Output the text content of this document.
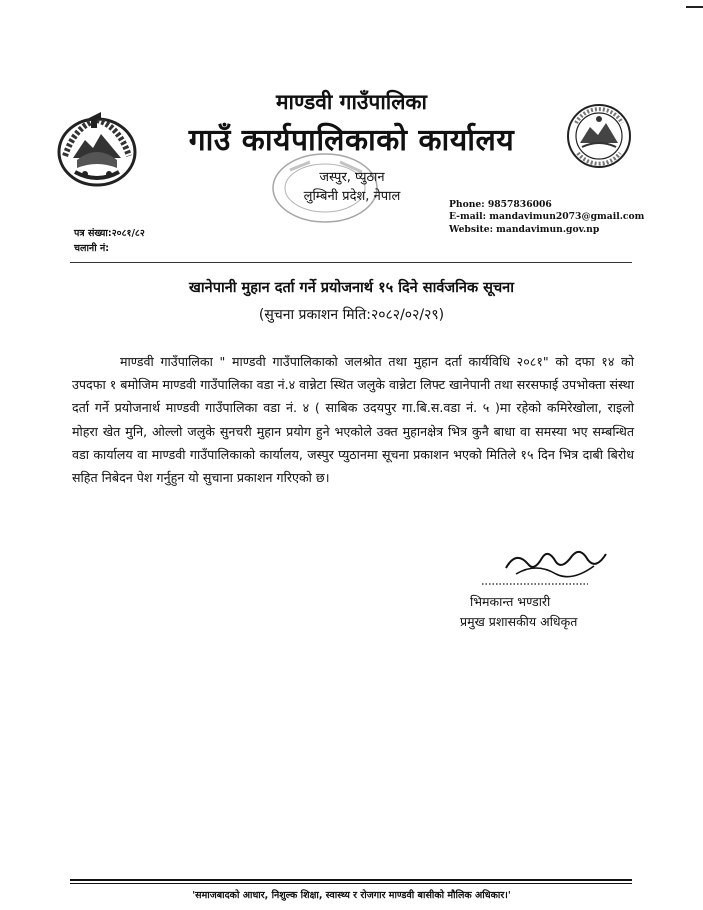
माण्डवी गाउँपालिका
गाउँ कार्यपालिकाको कार्यालय
जस्पुर, प्युठान
लुम्बिनी प्रदेश, नेपाल
Phone: 9857836006
E-mail: mandavimun2073@gmail.com
Website: mandavimun.gov.np
पत्र संख्या:२०८१/८२
चलानी नं:
खानेपानी मुहान दर्ता गर्ने प्रयोजनार्थ १५ दिने सार्वजनिक सूचना
(सुचना प्रकाशन मिति:२०८२/०२/२९)

माण्डवी गाउँपालिका " माण्डवी गाउँपालिकाको जलश्रोत तथा मुहान दर्ता कार्यविधि २०८१" को दफा १४ को उपदफा १ बमोजिम माण्डवी गाउँपालिका वडा नं.४ वान्नेटा स्थित जलुके वान्नेटा लिफ्ट खानेपानी तथा सरसफाई उपभोक्ता संस्था दर्ता गर्ने प्रयोजनार्थ माण्डवी गाउँपालिका वडा नं. ४ ( साबिक उदयपुर गा.बि.स.वडा नं. ५ )मा रहेको कमिरेखोला, राइलो मोहरा खेत मुनि, ओल्लो जलुके सुनचरी मुहान प्रयोग हुने भएकोले उक्त मुहानक्षेत्र भित्र कुनै बाधा वा समस्या भए सम्बन्धित वडा कार्यालय वा माण्डवी गाउँपालिकाको कार्यालय, जस्पुर प्युठानमा सूचना प्रकाशन भएको मितिले १५ दिन भित्र दाबी बिरोध सहित निबेदन पेश गर्नुहुन यो सुचाना प्रकाशन गरिएको छ।

भिमकान्त भण्डारी
प्रमुख प्रशासकीय अधिकृत
'समाजबादको आधार, निशुल्क शिक्षा, स्वास्थ्य र रोजगार माण्डवी बासीको मौलिक अधिकार।'
